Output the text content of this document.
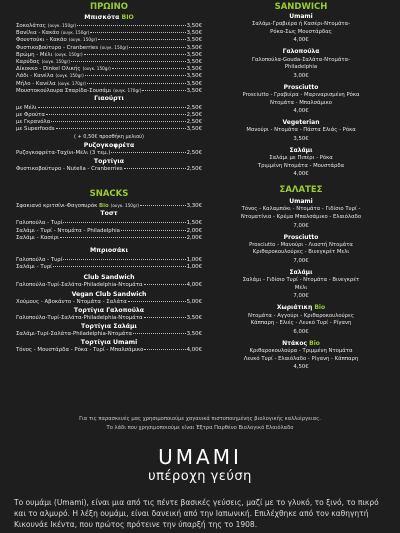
ΠΡΩΙΝΟ
Μπισκότα BIO
Σοκολάτας (ουγκ. 150gr)	3,50€
Βανίλια - Κακάο (ουγκ. 150gr)	3,50€
Φουντούκι - Κακάο (ουγκ. 150gr)	3,50€
Φυστικοβούτυρο - Cranberries (ουγκ. 150gr)	3,50€
Βρώμη - Μέλι (ουγκ. 150gr)	3,50€
Καρύδας (ουγκ. 150gr)	3,50€
Δίκοκκο - Dinkel Ολικής (ουγκ. 150gr)	3,50€
Λάδι - Κανέλα (ουγκ. 150gr)	3,50€
Μήλο - Κανέλα (ουγκ. 170gr)	3,50€
Μουστοκούλουρα Σπαρίδα-Σουσάμι (ουγκ. 170gr)	3,50€
Γιαούρτι
με Μέλι	2,50€
με Φρούτα	2,50€
με Γκρανόλα	2,50€
με Superfoods	3,50€
( + 0,50€ προσθήκη μελιού)
Ρυζογκοφρέτα
Ρυζογκοφρέτα-Ταχίνι-Μέλι (3 τεμ.)	2,50€
Τορτίγια
Φυστικοβούτυρο - Nutella - Cranberries	2,50€
SNACKS
Σφακιανό κριτσίνι-Φαγοπυρόκ
Bio (ουγκ. 150gr)	3,30€
Τοστ
Γαλοπούλα - Τυρί	1,50€
Σαλάμι - Τυρί - Ντομάτα - Philadelphia	2,00€
Σαλάμι - Κασέρι	2,00€
Μπριοσάκι
Γαλοπούλα - Τυρί	1,00€
Σαλάμι - Τυρί	1,00€
Club Sandwich
Γαλοπούλα-Τυρί-Σαλάτα-Philadelphia-Ντομάτα	4,00€
Vegan Club Sandwich
Χούμους - Αβοκάντο - Ντομάτα - Σαλάτα	5,00€
Τορτίγια Γαλοπούλα
Γαλοπούλα-Τυρί-Σαλάτα-Philadelphia-Ντομάτα	3,50€
Τορτίγια Σαλάμι
Σαλάμι-Τυρί-Σαλάτα-Philadelphia-Ντομάτα	3,50€
Τορτίγια Umami
Τόνος - Μουστάρδα - Ρόκα - Τυρί - Μπαλσάμικο	4,00€
SANDWICH
Umami
Σαλάμι-Γραβιέρα ή Κασέρι-Ντομάτα-
Ρόκα-Σως Μουστάρδας
4,00€
Γαλοπούλα
Γαλοπούλα-Gouda-Σαλάτα-Ντομάτα-
Philadelphia
3,00€
Prosciutto
Prosciutto - Γραβιέρα - Μαριναρισμένη Ρόκα
Ντομάτα - Μπαλσάμικο
4,00€
Vegeterian
Μανούρι - Ντομάτα - Πάστα Ελιάς - Ρόκα
3,50€
Σαλάμι
Σαλάμι με Πιπέρι - Ρόκα
Τριμμένη Ντομάτα - Μουστάρδα
4,00€
ΣΑΛΑΤΕΣ
Umami
Τόνος - Καλαμπόκι - Ντομάτα - Γιδίσιο Τυρί -
Ντοματίνια - Κρέμα Μπαλσάμικο - Ελαιόλαδο
7,00€
Prosciutto
Prosciutto - Μανούρι - Λιαστή Ντομάτα
Κριθαροκουλούρες - Βινεγκρέτ Μελι
7,00€
Σαλάμι
Σαλάμι - Γιδίσιο Τυρί - Ντομάτα - Βινεγκρέτ
Μέλι
7,00€
Χωριάτικη Bio
Ντομάτα - Αγγούρι - Κριθαροκουλούρες
Κάππαρη - Ελιές - Λευκό Τυρί - Ρίγανη
6,00€
Ντάκος Bio
Κριθαροκουλούρα - Τριμμένη Ντομάτα
Λευκό Τυρί - Ελαιόλαδο - Ρίγανη - Κάππαρη
4,50€
Για τις παρασκευές μας χρησιμοποιούμε χαγανικά πιστοποιημένης βιολογικής καλλιέργειας.
Το λάδι που χρησιμοποιούμε είναι Έξτρα Παρθένο Βιολογικό Ελαιόλαδο
UMAMI
υπέροχη γεύση
Το ουμάμι (Umami), είναι μια από τις πέντε βασικές γεύσεις, μαζί με το γλυκό, το ξινό, το πικρό και το αλμυρό. Η λέξη ουμάμι, είναι δανεική από την Ιαπωνική. Επιλέχθηκε από τον καθηγητή Κικουνάε Ικέντα, που πρώτος πρότεινε την ύπαρξή της το 1908.
